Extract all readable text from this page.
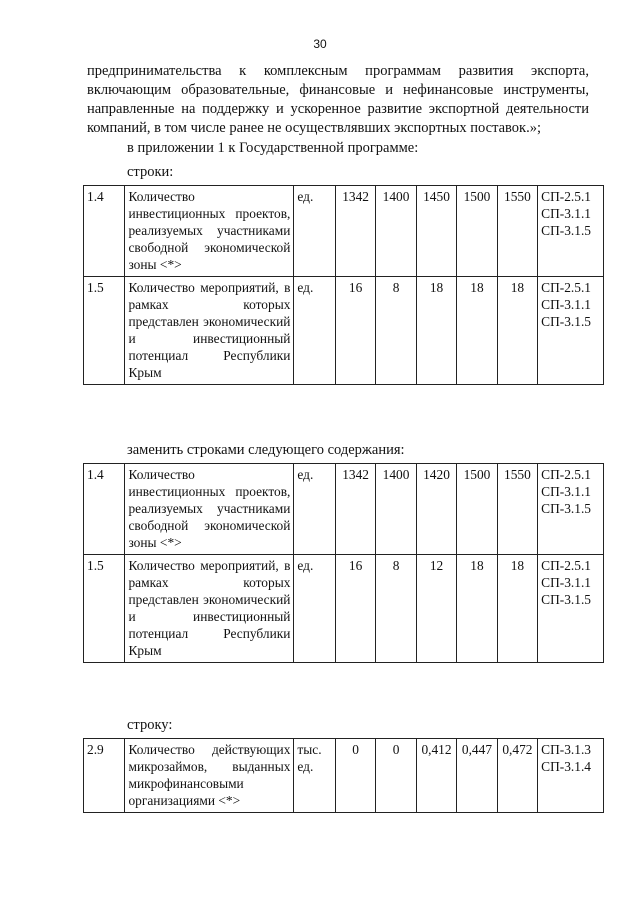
30

предпринимательства к комплексным программам развития экспорта, включающим образовательные, финансовые и нефинансовые инструменты, направленные на поддержку и ускоренное развитие экспортной деятельности компаний, в том числе ранее не осуществлявших экспортных поставок.»;

в приложении 1 к Государственной программе:

строки:

1.4	Количество инвестиционных проектов, реализуемых участниками свободной экономической зоны <*>	ед.	1342	1400	1450	1500	1550	СП-2.5.1
СП-3.1.1
СП-3.1.5

1.5	Количество мероприятий, в рамках которых представлен экономический и инвестиционный потенциал Республики Крым	ед.	16	8	18	18	18	СП-2.5.1
СП-3.1.1
СП-3.1.5

заменить строками следующего содержания:

1.4	Количество инвестиционных проектов, реализуемых участниками свободной экономической зоны <*>	ед.	1342	1400	1420	1500	1550	СП-2.5.1
СП-3.1.1
СП-3.1.5

1.5	Количество мероприятий, в рамках которых представлен экономический и инвестиционный потенциал Республики Крым	ед.	16	8	12	18	18	СП-2.5.1
СП-3.1.1
СП-3.1.5

строку:

2.9	Количество действующих микрозаймов, выданных микрофинансовыми организациями <*>	тыс. ед.	0	0	0,412	0,447	0,472	СП-3.1.3
СП-3.1.4
